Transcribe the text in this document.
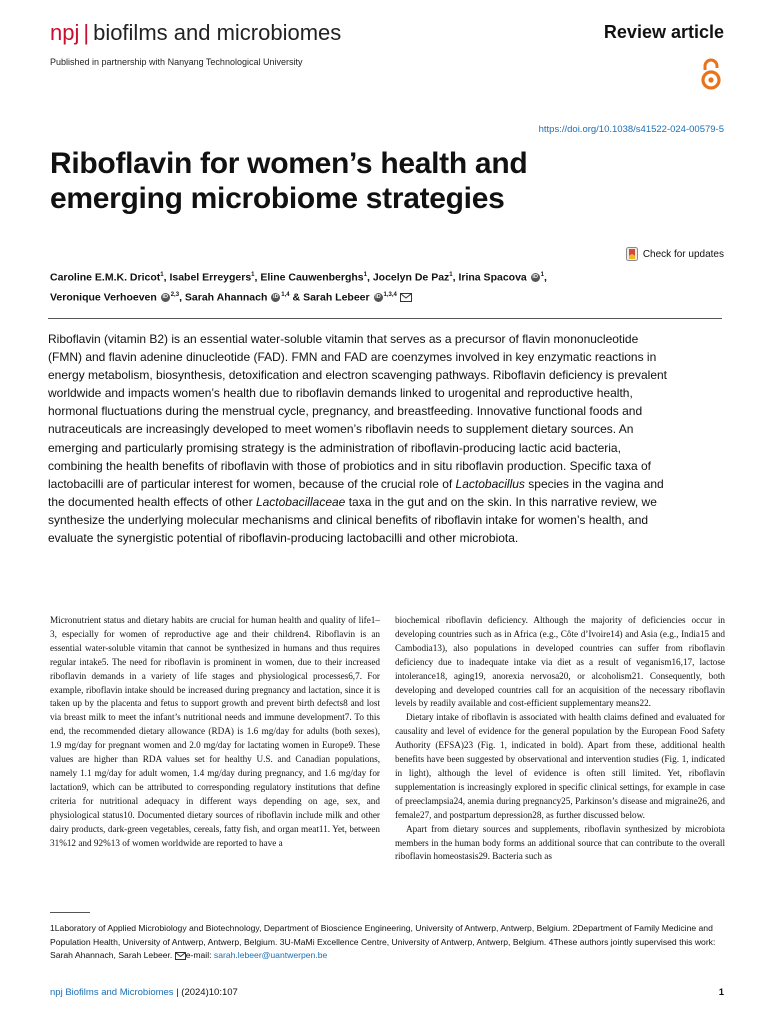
npj | biofilms and microbiomes	Review article
Published in partnership with Nanyang Technological University
https://doi.org/10.1038/s41522-024-00579-5
Riboflavin for women’s health and
emerging microbiome strategies
Check for updates
Caroline E.M.K. Dricot$^1$, Isabel Erreygers$^1$, Eline Cauwenberghs$^1$, Jocelyn De Paz$^1$, Irina Spacova iD $^1$,
Veronique Verhoeven iD $^{2,3}$, Sarah Ahannach iD $^{1,4}$ & Sarah Lebeer iD $^{1,3,4}$
Riboflavin (vitamin B2) is an essential water-soluble vitamin that serves as a precursor of flavin mononucleotide (FMN) and flavin adenine dinucleotide (FAD). FMN and FAD are coenzymes involved in key enzymatic reactions in energy metabolism, biosynthesis, detoxification and electron scavenging pathways. Riboflavin deficiency is prevalent worldwide and impacts women’s health due to riboflavin demands linked to urogenital and reproductive health, hormonal fluctuations during the menstrual cycle, pregnancy, and breastfeeding. Innovative functional foods and nutraceuticals are increasingly developed to meet women’s riboflavin needs to supplement dietary sources. An emerging and particularly promising strategy is the administration of riboflavin-producing lactic acid bacteria, combining the health benefits of riboflavin with those of probiotics and in situ riboflavin production. Specific taxa of lactobacilli are of particular interest for women, because of the crucial role of Lactobacillus species in the vagina and the documented health effects of other Lactobacillaceae taxa in the gut and on the skin. In this narrative review, we synthesize the underlying molecular mechanisms and clinical benefits of riboflavin intake for women’s health, and evaluate the synergistic potential of riboflavin-producing lactobacilli and other microbiota.

Micronutrient status and dietary habits are crucial for human health and quality of life1–3, especially for women of reproductive age and their children4. Riboflavin is an essential water-soluble vitamin that cannot be synthesized in humans and thus requires regular intake5. The need for riboflavin is prominent in women, due to their increased riboflavin demands in a variety of life stages and physiological processes6,7. For example, riboflavin intake should be increased during pregnancy and lactation, since it is taken up by the placenta and fetus to support growth and prevent birth defects8 and lost via breast milk to meet the infant’s nutritional needs and immune development7. To this end, the recommended dietary allowance (RDA) is 1.6 mg/day for adults (both sexes), 1.9 mg/day for pregnant women and 2.0 mg/day for lactating women in Europe9. These values are higher than RDA values set for healthy U.S. and Canadian populations, namely 1.1 mg/day for adult women, 1.4 mg/day during pregnancy, and 1.6 mg/day for lactation9, which can be attributed to corresponding regulatory institutions that define criteria for nutritional adequacy in different ways depending on age, sex, and physiological status10. Documented dietary sources of riboflavin include milk and other dairy products, dark-green vegetables, cereals, fatty fish, and organ meat11. Yet, between 31%12 and 92%13 of women worldwide are reported to have a

biochemical riboflavin deficiency. Although the majority of deficiencies occur in developing countries such as in Africa (e.g., Côte d’Ivoire14) and Asia (e.g., India15 and Cambodia13), also populations in developed countries can suffer from riboflavin deficiency due to inadequate intake via diet as a result of veganism16,17, lactose intolerance18, aging19, anorexia nervosa20, or alcoholism21. Consequently, both developing and developed countries call for an acquisition of the necessary riboflavin levels by readily available and cost-efficient supplementary means22.

Dietary intake of riboflavin is associated with health claims defined and evaluated for causality and level of evidence for the general population by the European Food Safety Authority (EFSA)23 (Fig. 1, indicated in bold). Apart from these, additional health benefits have been suggested by observational and intervention studies (Fig. 1, indicated in light), although the level of evidence is often still limited. Yet, riboflavin supplementation is increasingly explored in specific clinical settings, for example in case of preeclampsia24, anemia during pregnancy25, Parkinson’s disease and migraine26, and female27, and postpartum depression28, as further discussed below.

Apart from dietary sources and supplements, riboflavin synthesized by microbiota members in the human body forms an additional source that can contribute to the overall riboflavin homeostasis29. Bacteria such as

1Laboratory of Applied Microbiology and Biotechnology, Department of Bioscience Engineering, University of Antwerp, Antwerp, Belgium. 2Department of Family Medicine and Population Health, University of Antwerp, Antwerp, Belgium. 3U-MaMi Excellence Centre, University of Antwerp, Antwerp, Belgium. 4These authors jointly supervised this work: Sarah Ahannach, Sarah Lebeer. e-mail: sarah.lebeer@uantwerpen.be
npj Biofilms and Microbiomes | (2024)10:107	1
